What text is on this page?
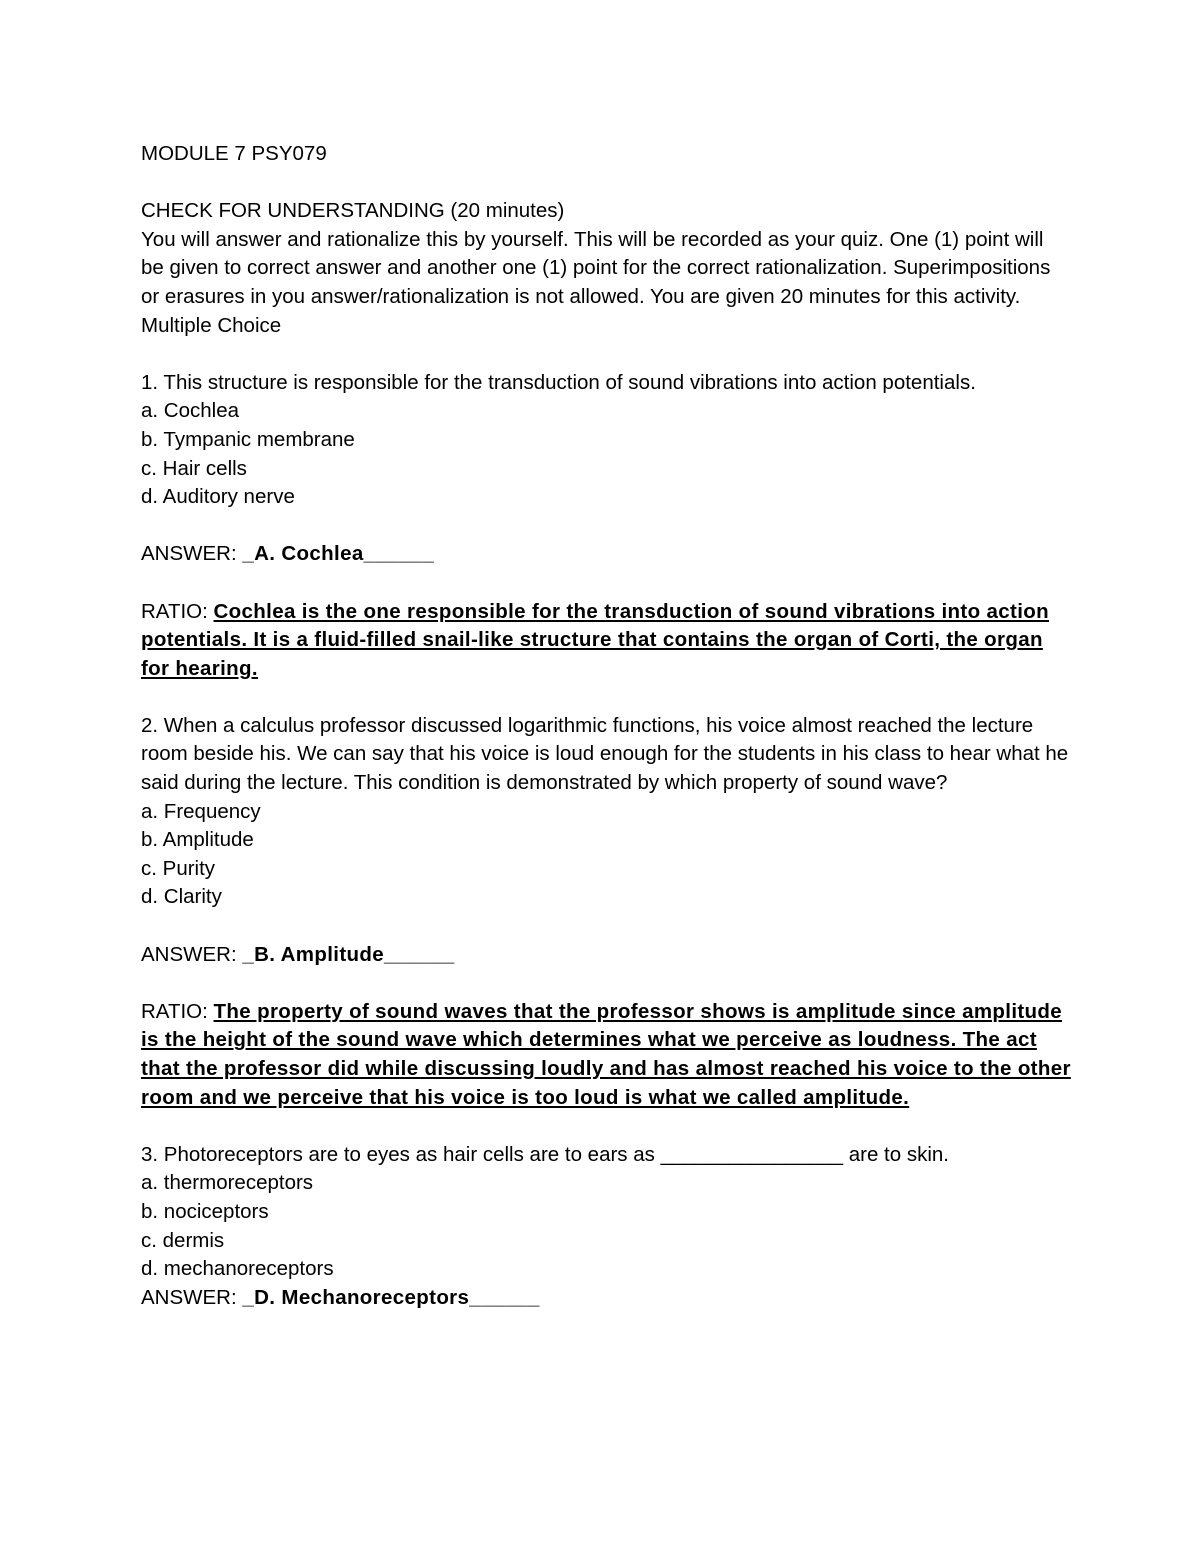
MODULE 7 PSY079
CHECK FOR UNDERSTANDING (20 minutes)
You will answer and rationalize this by yourself. This will be recorded as your quiz. One (1) point will be given to correct answer and another one (1) point for the correct rationalization. Superimpositions or erasures in you answer/rationalization is not allowed. You are given 20 minutes for this activity.
Multiple Choice
1. This structure is responsible for the transduction of sound vibrations into action potentials.
a. Cochlea
b. Tympanic membrane
c. Hair cells
d. Auditory nerve
ANSWER: _A. Cochlea______
RATIO: Cochlea is the one responsible for the transduction of sound vibrations into action potentials. It is a fluid-filled snail-like structure that contains the organ of Corti, the organ for hearing.
2. When a calculus professor discussed logarithmic functions, his voice almost reached the lecture room beside his. We can say that his voice is loud enough for the students in his class to hear what he said during the lecture. This condition is demonstrated by which property of sound wave?
a. Frequency
b. Amplitude
c. Purity
d. Clarity
ANSWER: _B. Amplitude______
RATIO: The property of sound waves that the professor shows is amplitude since amplitude is the height of the sound wave which determines what we perceive as loudness. The act that the professor did while discussing loudly and has almost reached his voice to the other room and we perceive that his voice is too loud is what we called amplitude.
3. Photoreceptors are to eyes as hair cells are to ears as ________________ are to skin.
a. thermoreceptors
b. nociceptors
c. dermis
d. mechanoreceptors
ANSWER: _D. Mechanoreceptors______
